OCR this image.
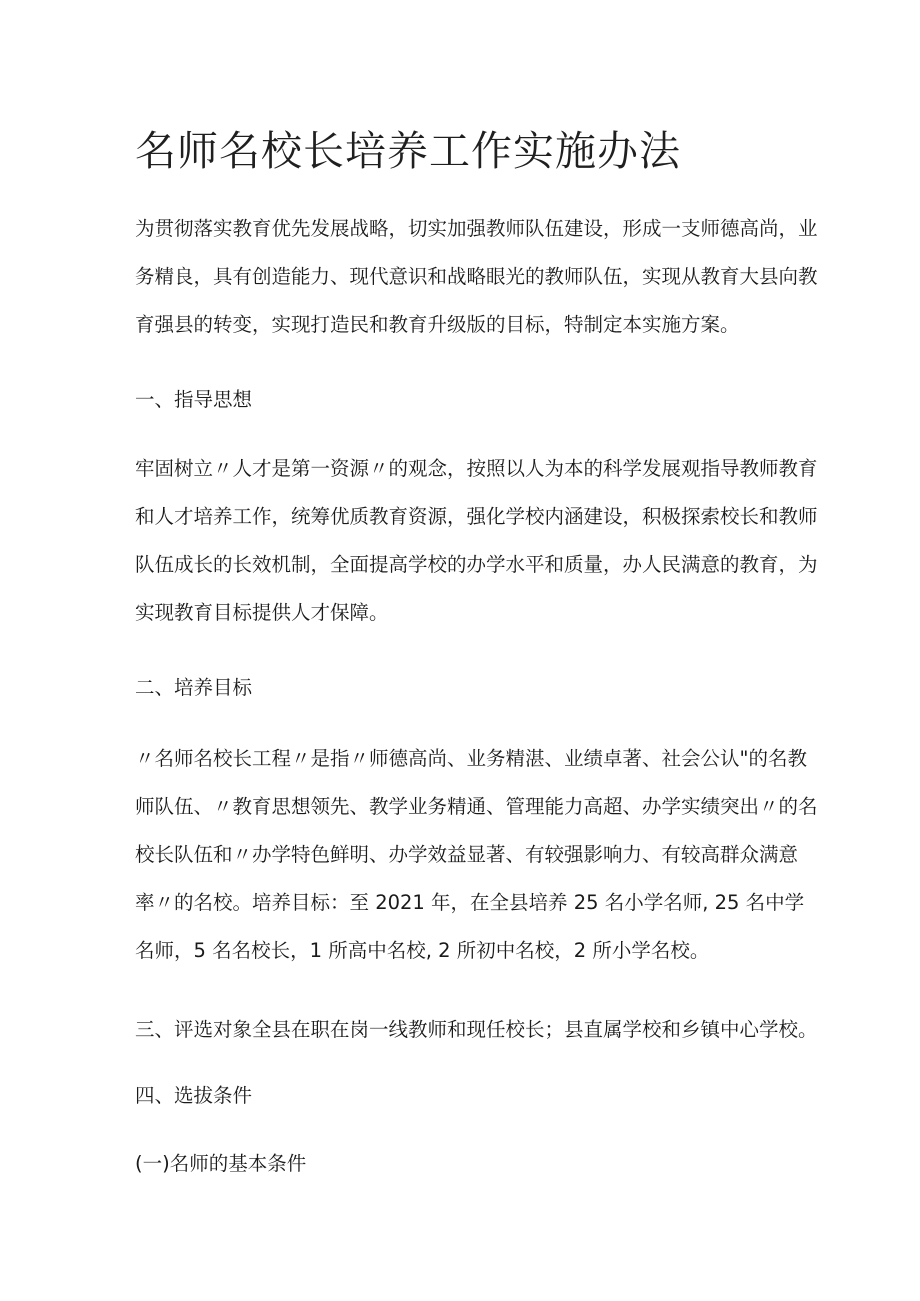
名师名校长培养工作实施办法
为贯彻落实教育优先发展战略，切实加强教师队伍建设，形成一支师德高尚，业
务精良，具有创造能力、现代意识和战略眼光的教师队伍，实现从教育大县向教
育强县的转变，实现打造民和教育升级版的目标，特制定本实施方案。
一、指导思想
牢固树立〃人才是第一资源〃的观念，按照以人为本的科学发展观指导教师教育
和人才培养工作，统筹优质教育资源，强化学校内涵建设，积极探索校长和教师
队伍成长的长效机制，全面提高学校的办学水平和质量，办人民满意的教育，为
实现教育目标提供人才保障。
二、培养目标
〃名师名校长工程〃是指〃师德高尚、业务精湛、业绩卓著、社会公认"的名教
师队伍、〃教育思想领先、教学业务精通、管理能力高超、办学实绩突出〃的名
校长队伍和〃办学特色鲜明、办学效益显著、有较强影响力、有较高群众满意
率〃的名校。培养目标：至 2021 年，在全县培养 25 名小学名师, 25 名中学
名师，5 名名校长，1 所高中名校, 2 所初中名校，2 所小学名校。
三、评选对象全县在职在岗一线教师和现任校长；县直属学校和乡镇中心学校。
四、选拔条件
(一)名师的基本条件
